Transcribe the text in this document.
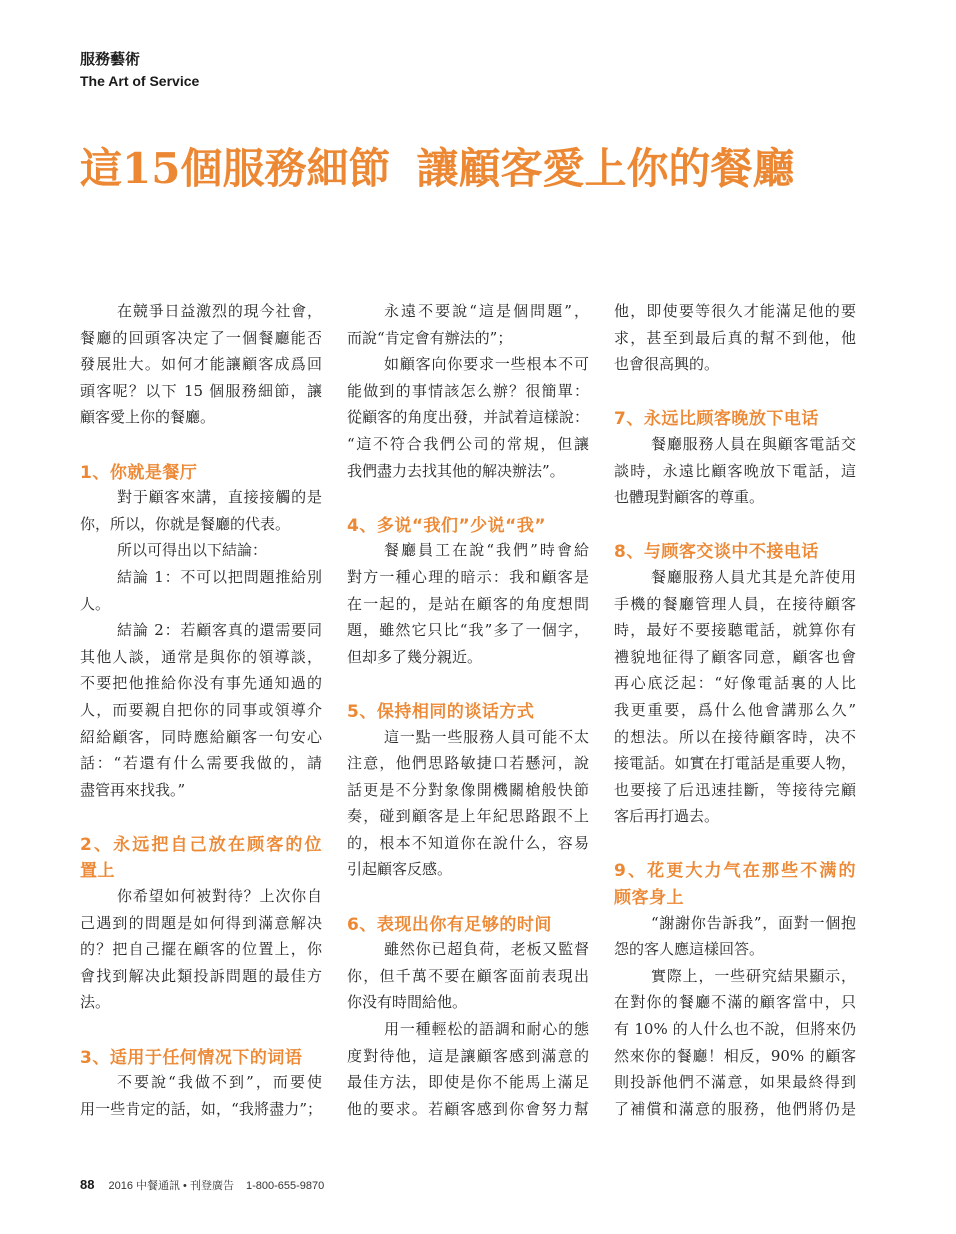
服務藝術
The Art of Service
這15個服務細節 讓顧客愛上你的餐廳
在競爭日益激烈的現今社會，
餐廳的回頭客决定了一個餐廳能否
發展壯大。如何才能讓顧客成爲回
頭客呢？以下 15 個服務細節，讓
顧客愛上你的餐廳。
1、你就是餐厅
對于顧客來講，直接接觸的是
你，所以，你就是餐廳的代表。
所以可得出以下結論：
結論 1：不可以把問題推給別
人。
結論 2：若顧客真的還需要同
其他人談，通常是與你的領導談，
不要把他推給你没有事先通知過的
人，而要親自把你的同事或領導介
紹給顧客，同時應給顧客一句安心
話：“若還有什么需要我做的，請
盡管再來找我。”
2、永远把自己放在顾客的位
置上
你希望如何被對待？上次你自
己遇到的問題是如何得到滿意解决
的？把自己擺在顧客的位置上，你
會找到解决此類投訴問題的最佳方
法。
3、适用于任何情况下的词语
不要說“我做不到”，而要使
用一些肯定的話，如，“我將盡力”；
永遠不要說“這是個問題”，
而說“肯定會有辦法的”；
如顧客向你要求一些根本不可
能做到的事情該怎么辦？很簡單：
從顧客的角度出發，并試着這樣說：
“這不符合我們公司的常規，但讓
我們盡力去找其他的解决辦法”。
4、多说“我们”少说“我”
餐廳員工在說“我們”時會給
對方一種心理的暗示：我和顧客是
在一起的，是站在顧客的角度想問
題，雖然它只比“我”多了一個字，
但却多了幾分親近。
5、保持相同的谈话方式
這一點一些服務人員可能不太
注意，他們思路敏捷口若懸河，說
話更是不分對象像開機關槍般快節
奏，碰到顧客是上年紀思路跟不上
的，根本不知道你在說什么，容易
引起顧客反感。
6、表现出你有足够的时间
雖然你已超負荷，老板又監督
你，但千萬不要在顧客面前表現出
你没有時間給他。
用一種輕松的語調和耐心的態
度對待他，這是讓顧客感到滿意的
最佳方法，即使是你不能馬上滿足
他的要求。若顧客感到你會努力幫
他，即使要等很久才能滿足他的要
求，甚至到最后真的幫不到他，他
也會很高興的。
7、永远比顾客晚放下电话
餐廳服務人員在與顧客電話交
談時，永遠比顧客晚放下電話，這
也體現對顧客的尊重。
8、与顾客交谈中不接电话
餐廳服務人員尤其是允許使用
手機的餐廳管理人員，在接待顧客
時，最好不要接聽電話，就算你有
禮貌地征得了顧客同意，顧客也會
再心底泛起：“好像電話裏的人比
我更重要，爲什么他會講那么久”
的想法。所以在接待顧客時，决不
接電話。如實在打電話是重要人物，
也要接了后迅速挂斷，等接待完顧
客后再打過去。
9、花更大力气在那些不满的
顾客身上
“謝謝你告訴我”，面對一個抱
怨的客人應這樣回答。
實際上，一些研究結果顯示，
在對你的餐廳不滿的顧客當中，只
有 10% 的人什么也不說，但將來仍
然來你的餐廳！相反，90% 的顧客
則投訴他們不滿意，如果最終得到
了補償和滿意的服務，他們將仍是
88 2016 中餐通訊 • 刊登廣告 1-800-655-9870
